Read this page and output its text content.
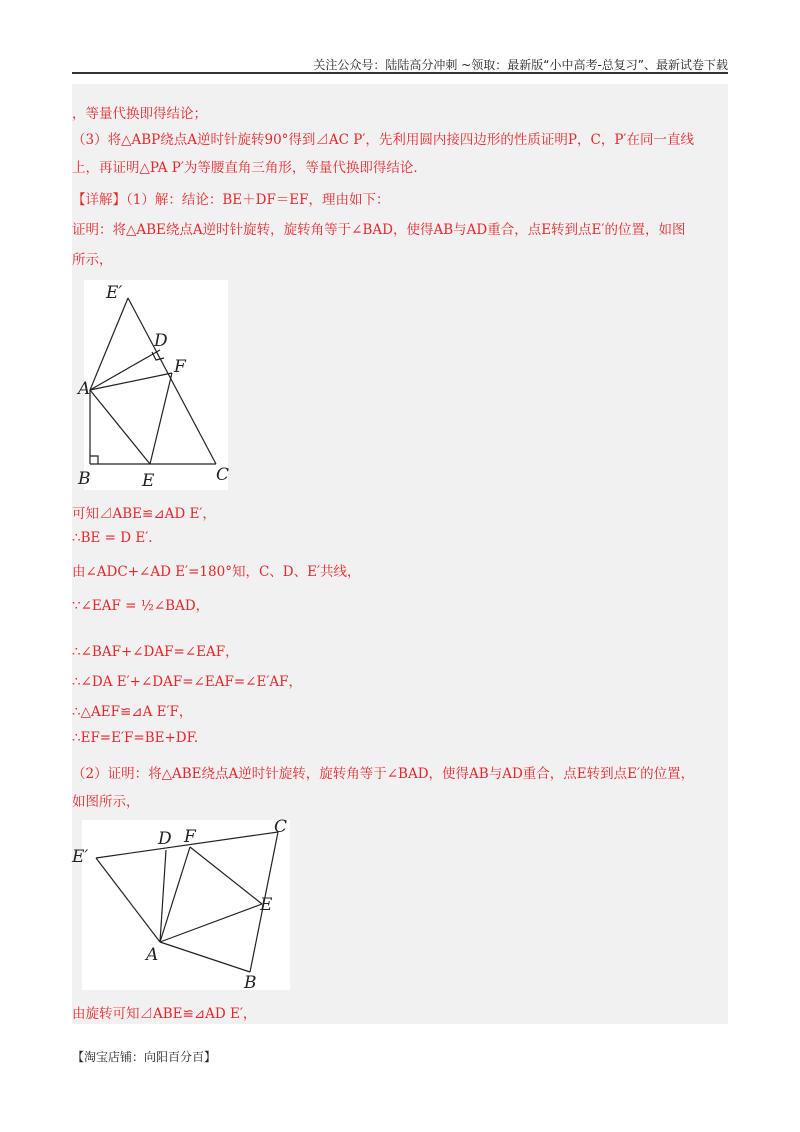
关注公众号：陆陆高分冲刺 ~领取：最新版“小中高考-总复习”、最新试卷下载
，等量代换即得结论；
（3）将△ABP绕点A逆时针旋转90°得到⊿AC P′，先利用圆内接四边形的性质证明P，C，P′在同一直线
上，再证明△PA P′为等腰直角三角形，等量代换即得结论．
【详解】（1）解：结论：BE＋DF＝EF，理由如下：
证明：将△ABE绕点A逆时针旋转，旋转角等于∠BAD，使得AB与AD重合，点E转到点E′的位置，如图
所示，
E′
D
F
A
B	E	C
可知⊿ABE≌⊿AD E′，
∴BE = D E′.
由∠ADC+∠AD E′=180°知，C、D、E′共线，
∵∠EAF = ½∠BAD，
∴∠BAF+∠DAF=∠EAF，
∴∠DA E′+∠DAF=∠EAF=∠E′AF，
∴△AEF≌⊿A E′F，
∴EF=E′F=BE+DF.
（2）证明：将△ABE绕点A逆时针旋转，旋转角等于∠BAD，使得AB与AD重合，点E转到点E′的位置，
如图所示，
E′
D F	C
E
A
B
由旋转可知⊿ABE≌⊿AD E′，
【淘宝店铺：向阳百分百】
